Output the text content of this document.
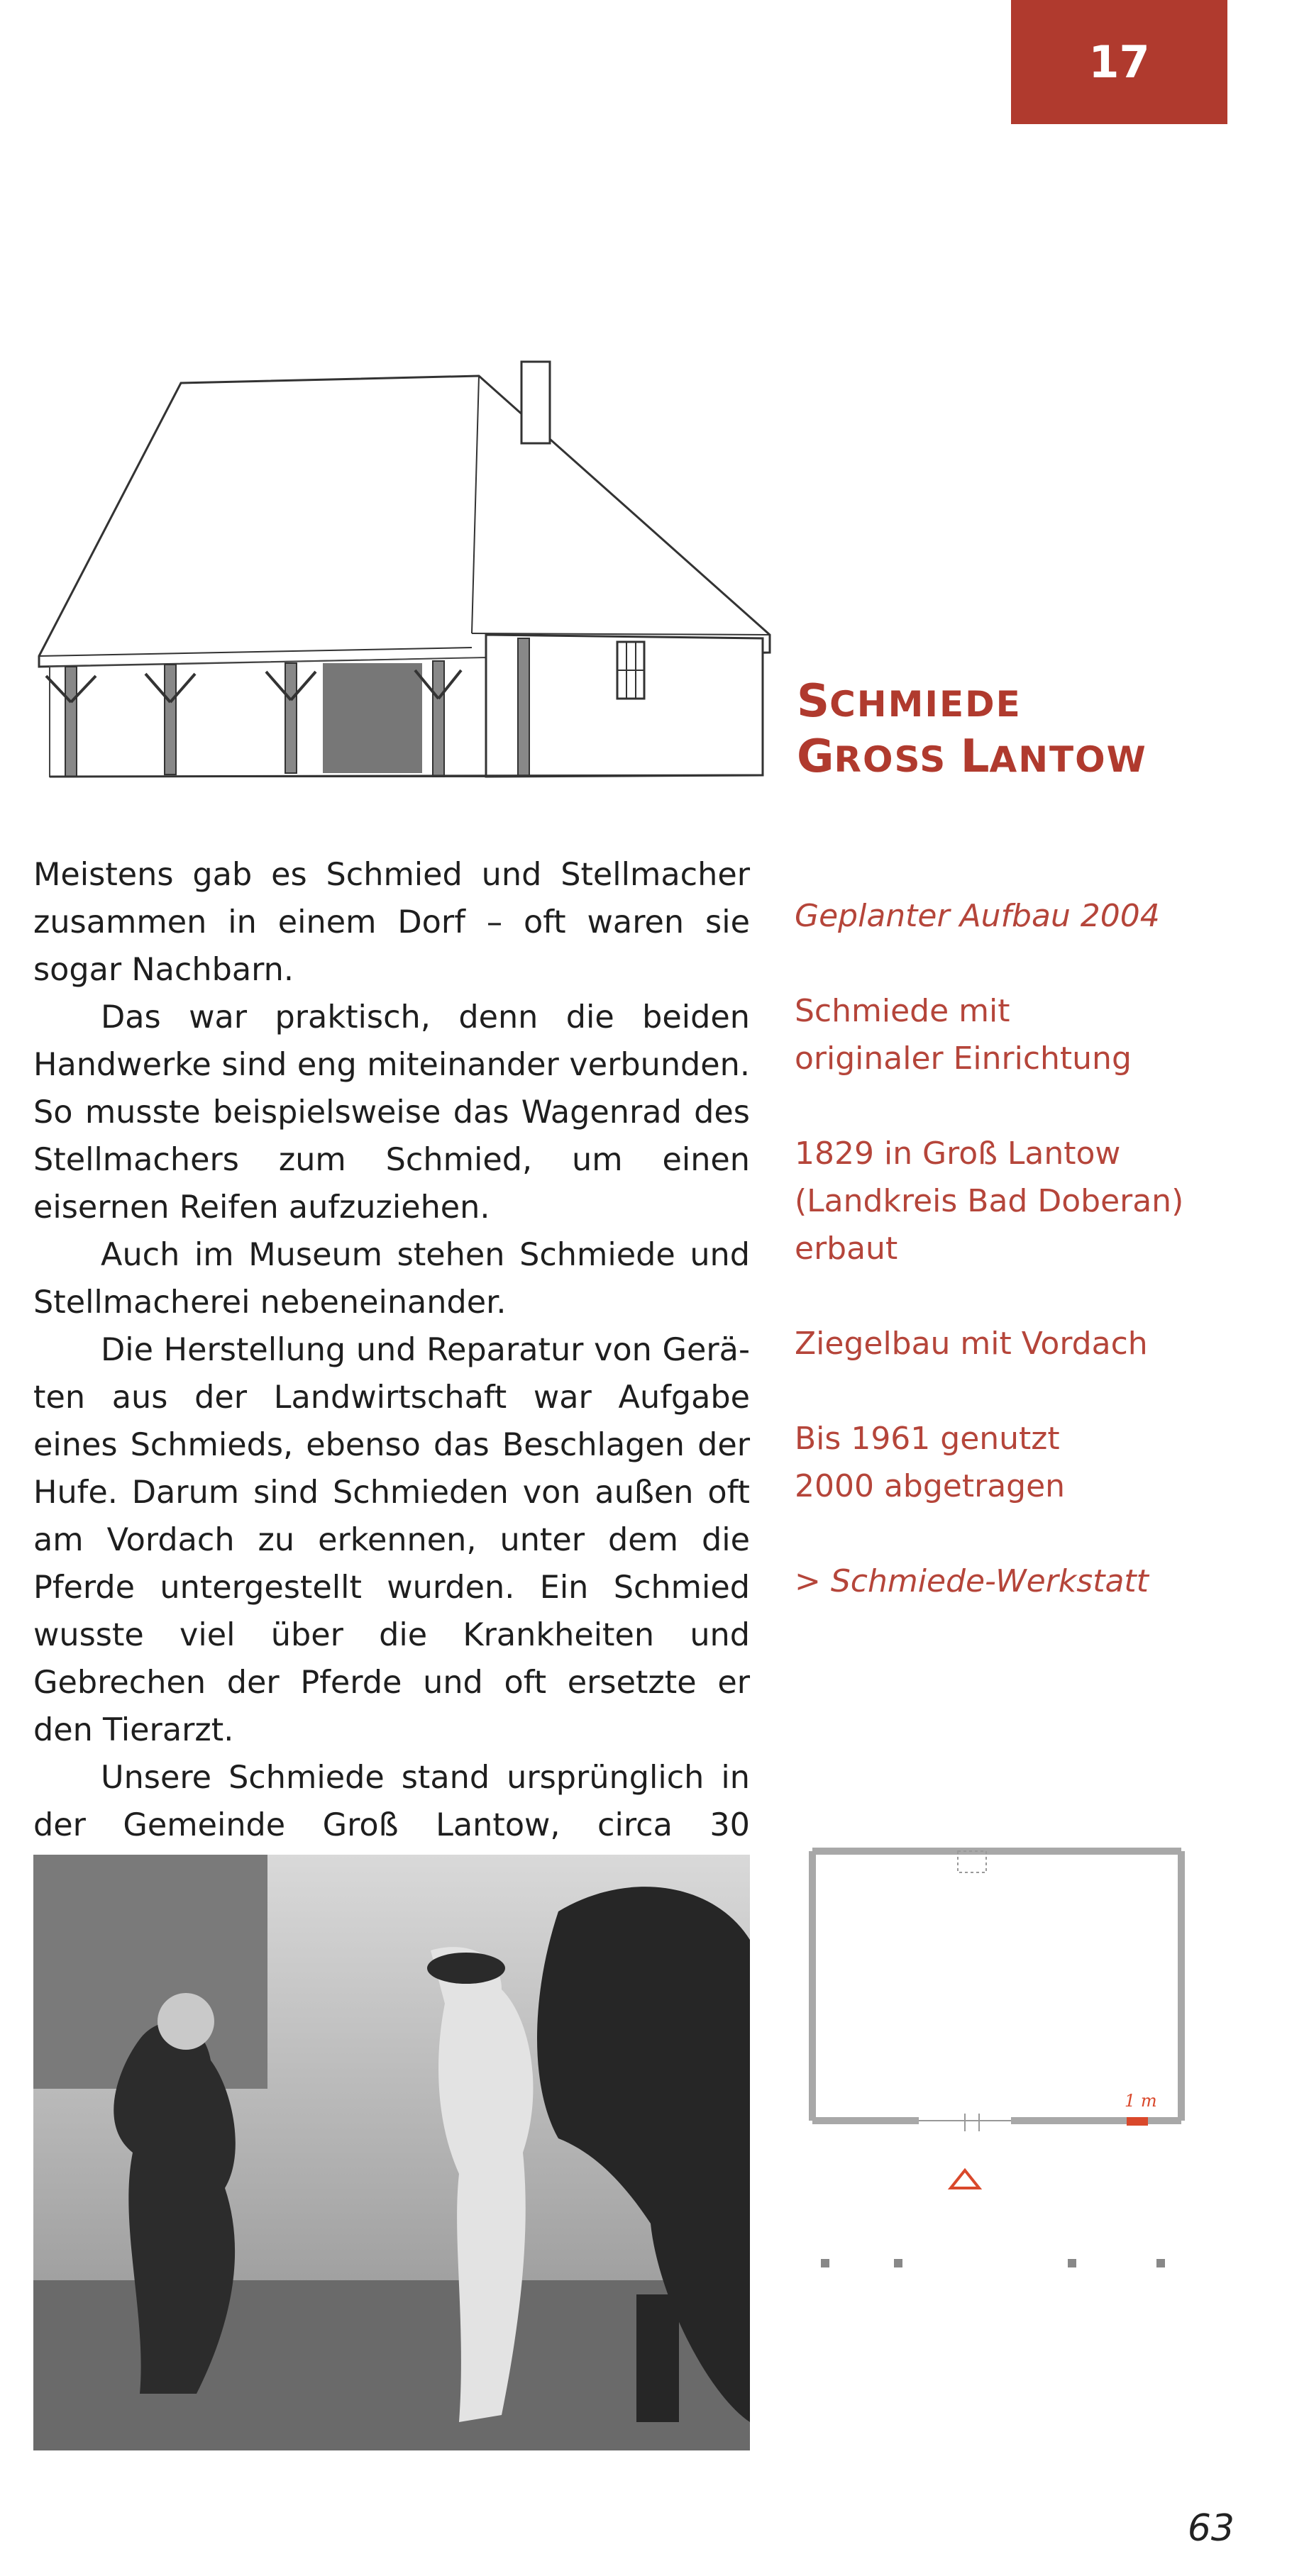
17
SCHMIEDE
GROSS LANTOW

Meistens gab es Schmied und Stellmacher zusammen in einem Dorf – oft waren sie sogar Nachbarn.

Das war praktisch, denn die beiden Handwerke sind eng miteinander verbunden. So musste beispielsweise das Wagenrad des Stellmachers zum Schmied, um einen eisernen Reifen aufzuziehen.

Auch im Museum stehen Schmiede und Stellmacherei nebeneinander.

Die Herstellung und Reparatur von Geräten aus der Landwirtschaft war Aufgabe eines Schmieds, ebenso das Beschlagen der Hufe. Darum sind Schmieden von außen oft am Vordach zu erkennen, unter dem die Pferde untergestellt wurden. Ein Schmied wusste viel über die Krankheiten und Gebrechen der Pferde und oft ersetzte er den Tierarzt.

Unsere Schmiede stand ursprünglich in der Gemeinde Groß Lantow, circa 30

Geplanter Aufbau 2004
Schmiede mit
originaler Einrichtung
1829 in Groß Lantow
(Landkreis Bad Doberan)
erbaut
Ziegelbau mit Vordach
Bis 1961 genutzt
2000 abgetragen
> Schmiede-Werkstatt
1 m
63
